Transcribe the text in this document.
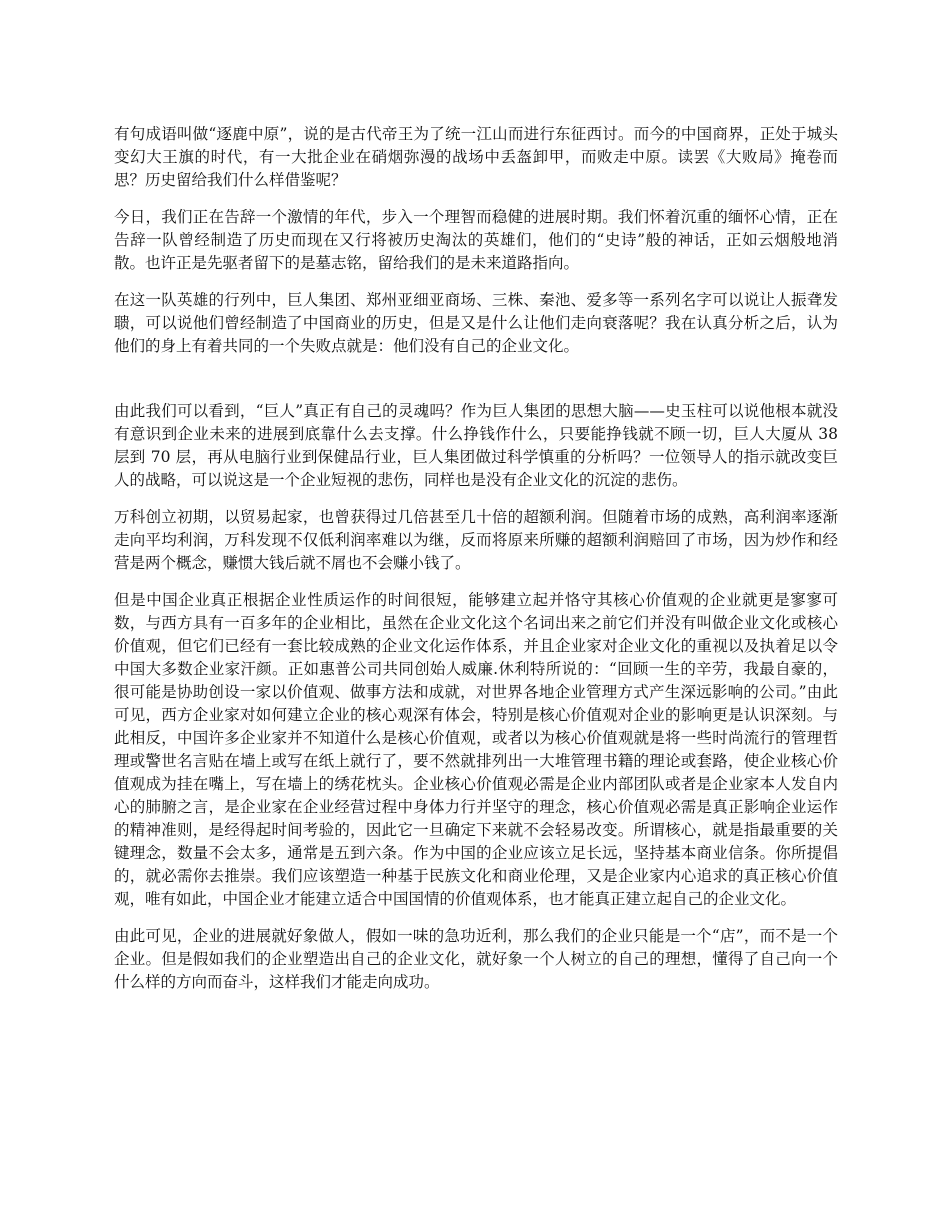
有句成语叫做“逐鹿中原”，说的是古代帝王为了统一江山而进行东征西讨。而今的中国商界，正处于城头变幻大王旗的时代，有一大批企业在硝烟弥漫的战场中丢盔卸甲，而败走中原。读罢《大败局》掩卷而思？历史留给我们什么样借鉴呢？

今日，我们正在告辞一个激情的年代，步入一个理智而稳健的进展时期。我们怀着沉重的缅怀心情，正在告辞一队曾经制造了历史而现在又行将被历史淘汰的英雄们，他们的“史诗”般的神话，正如云烟般地消散。也许正是先驱者留下的是墓志铭，留给我们的是未来道路指向。

在这一队英雄的行列中，巨人集团、郑州亚细亚商场、三株、秦池、爱多等一系列名字可以说让人振聋发聩，可以说他们曾经制造了中国商业的历史，但是又是什么让他们走向衰落呢？我在认真分析之后，认为他们的身上有着共同的一个失败点就是：他们没有自己的企业文化。

由此我们可以看到，“巨人”真正有自己的灵魂吗？作为巨人集团的思想大脑——史玉柱可以说他根本就没有意识到企业未来的进展到底靠什么去支撑。什么挣钱作什么，只要能挣钱就不顾一切，巨人大厦从 38 层到 70 层，再从电脑行业到保健品行业，巨人集团做过科学慎重的分析吗？一位领导人的指示就改变巨人的战略，可以说这是一个企业短视的悲伤，同样也是没有企业文化的沉淀的悲伤。

万科创立初期，以贸易起家，也曾获得过几倍甚至几十倍的超额利润。但随着市场的成熟，高利润率逐渐走向平均利润，万科发现不仅低利润率难以为继，反而将原来所赚的超额利润赔回了市场，因为炒作和经营是两个概念，赚惯大钱后就不屑也不会赚小钱了。

但是中国企业真正根据企业性质运作的时间很短，能够建立起并恪守其核心价值观的企业就更是寥寥可数，与西方具有一百多年的企业相比，虽然在企业文化这个名词出来之前它们并没有叫做企业文化或核心价值观，但它们已经有一套比较成熟的企业文化运作体系，并且企业家对企业文化的重视以及执着足以令中国大多数企业家汗颜。正如惠普公司共同创始人威廉.休利特所说的：“回顾一生的辛劳，我最自豪的，很可能是协助创设一家以价值观、做事方法和成就，对世界各地企业管理方式产生深远影响的公司。”由此可见，西方企业家对如何建立企业的核心观深有体会，特别是核心价值观对企业的影响更是认识深刻。与此相反，中国许多企业家并不知道什么是核心价值观，或者以为核心价值观就是将一些时尚流行的管理哲理或警世名言贴在墙上或写在纸上就行了，要不然就排列出一大堆管理书籍的理论或套路，使企业核心价值观成为挂在嘴上，写在墙上的绣花枕头。企业核心价值观必需是企业内部团队或者是企业家本人发自内心的肺腑之言，是企业家在企业经营过程中身体力行并坚守的理念，核心价值观必需是真正影响企业运作的精神准则，是经得起时间考验的，因此它一旦确定下来就不会轻易改变。所谓核心，就是指最重要的关键理念，数量不会太多，通常是五到六条。作为中国的企业应该立足长远，坚持基本商业信条。你所提倡的，就必需你去推崇。我们应该塑造一种基于民族文化和商业伦理，又是企业家内心追求的真正核心价值观，唯有如此，中国企业才能建立适合中国国情的价值观体系，也才能真正建立起自己的企业文化。

由此可见，企业的进展就好象做人，假如一味的急功近利，那么我们的企业只能是一个“店”，而不是一个企业。但是假如我们的企业塑造出自己的企业文化，就好象一个人树立的自己的理想，懂得了自己向一个什么样的方向而奋斗，这样我们才能走向成功。
